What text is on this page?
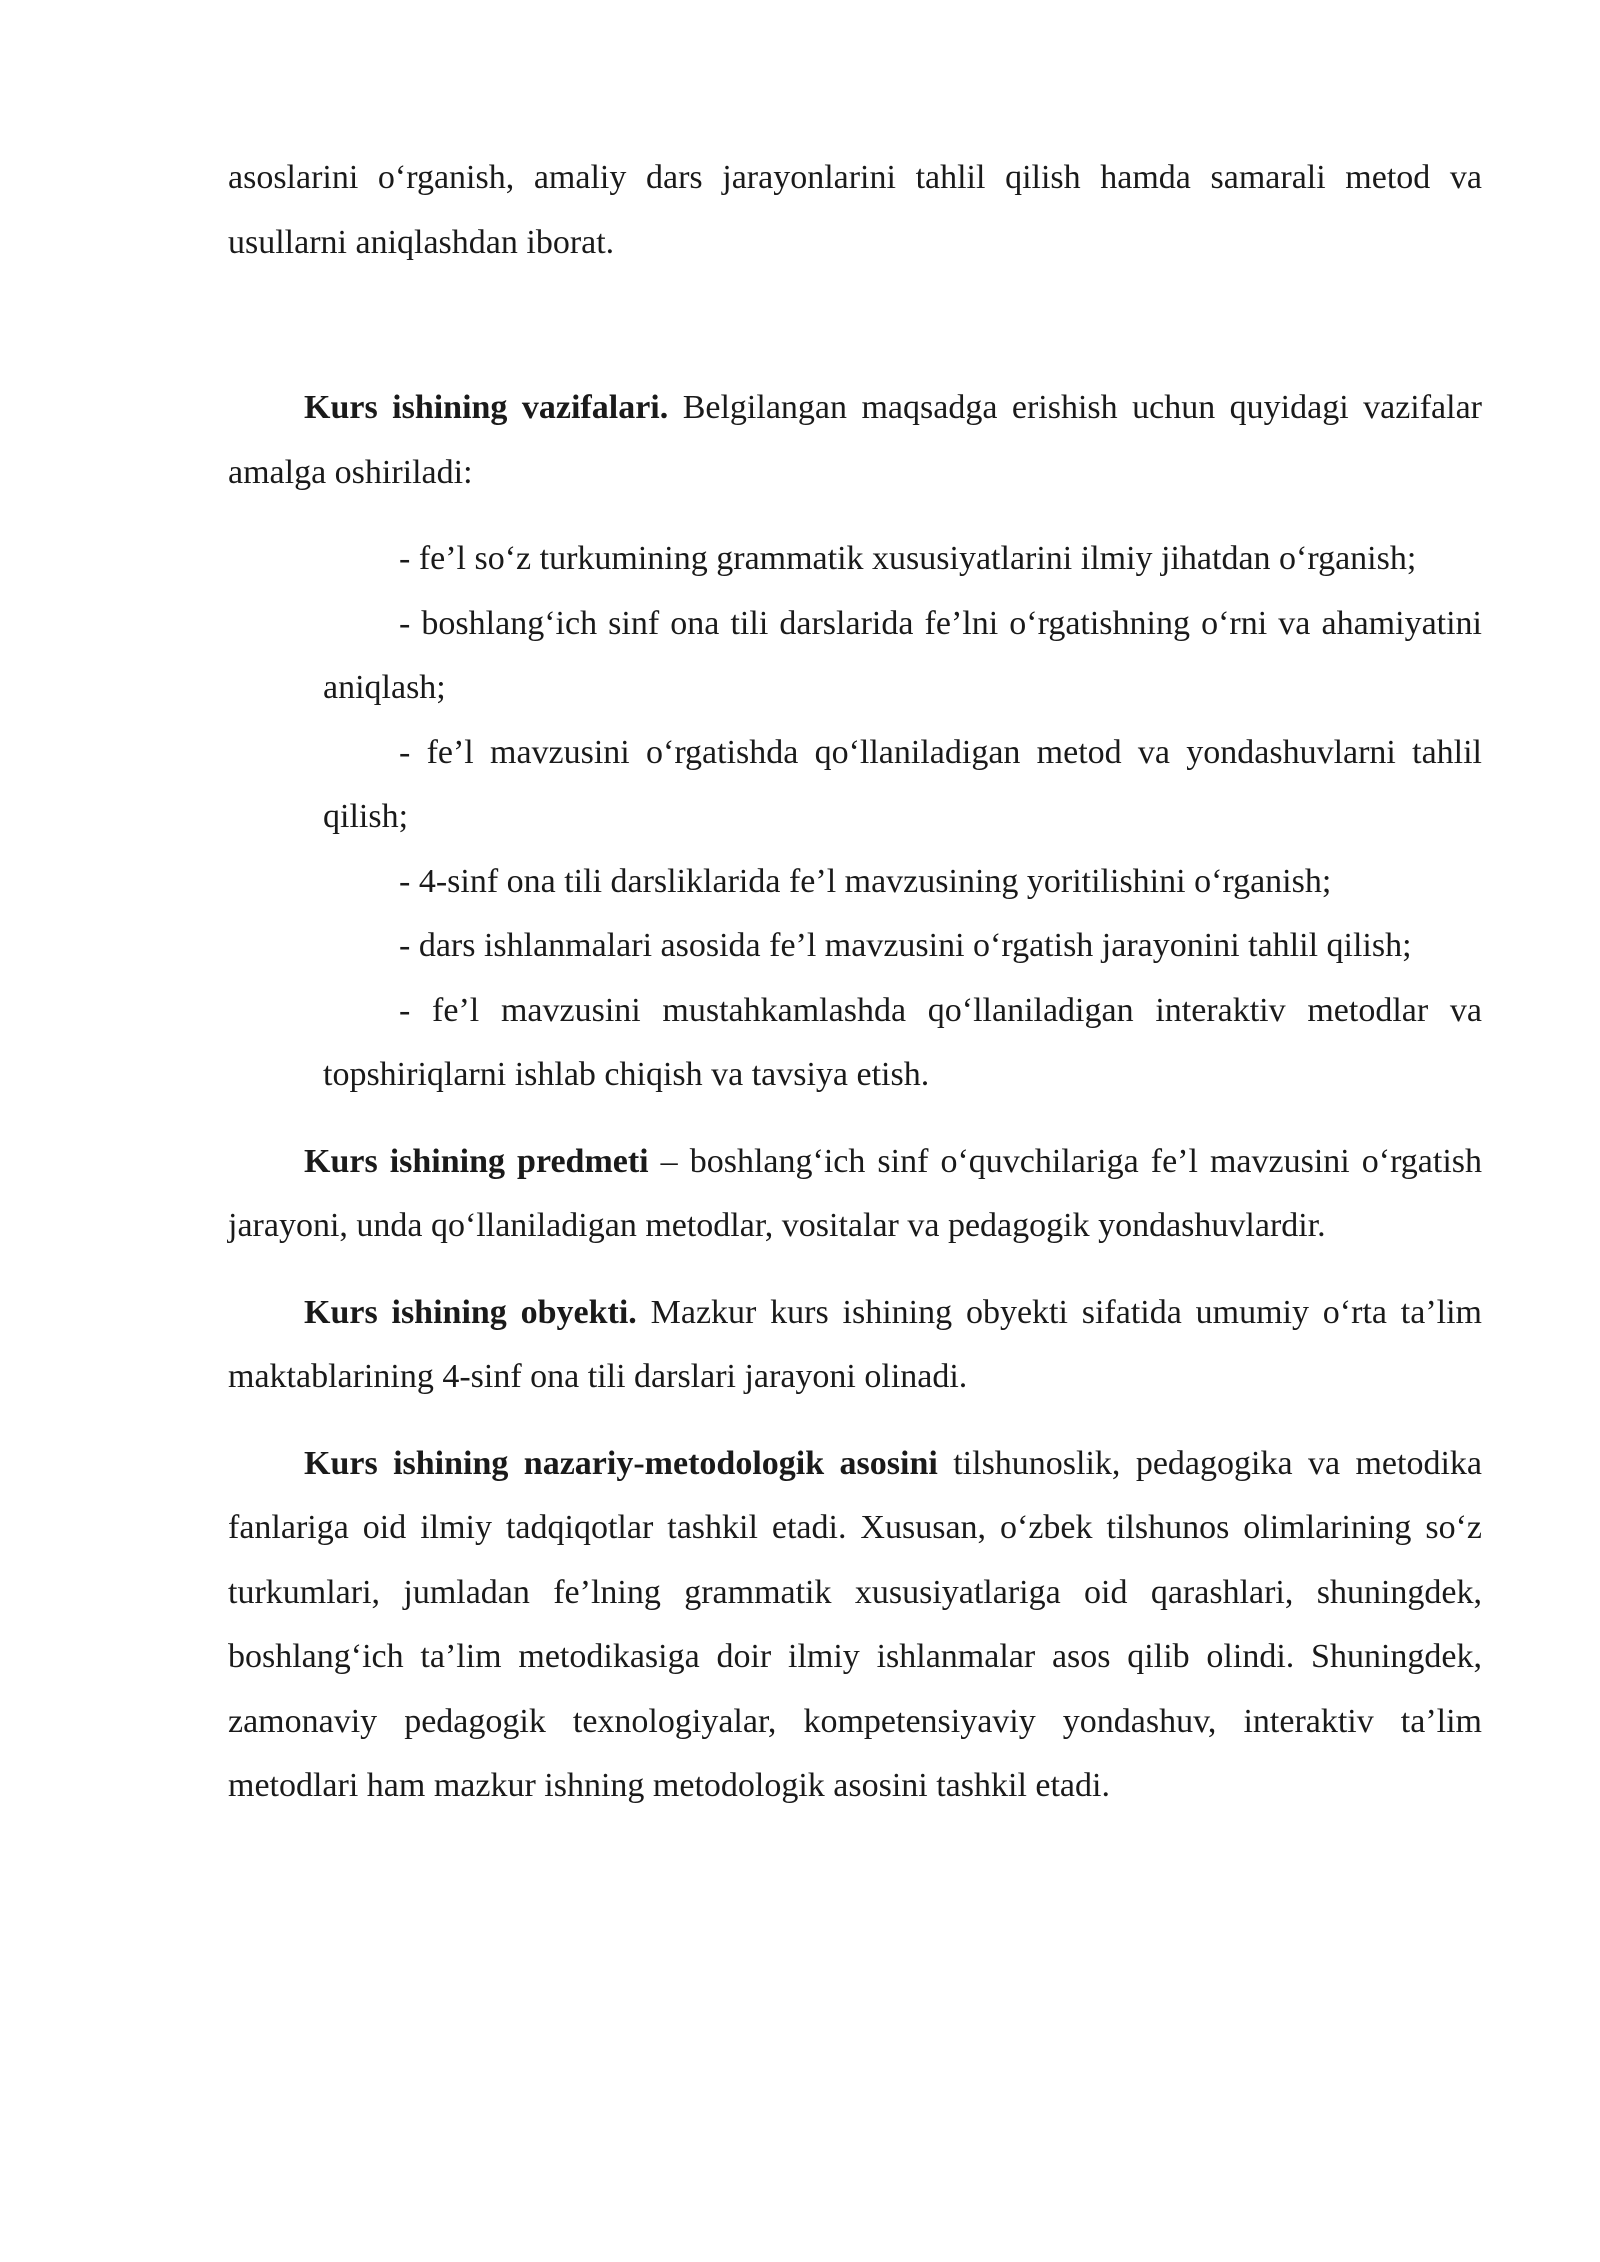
asoslarini o‘rganish, amaliy dars jarayonlarini tahlil qilish hamda samarali metod va usullarni aniqlashdan iborat.

Kurs ishining vazifalari. Belgilangan maqsadga erishish uchun quyidagi vazifalar amalga oshiriladi:

- fe’l so‘z turkumining grammatik xususiyatlarini ilmiy jihatdan o‘rganish;
- boshlang‘ich sinf ona tili darslarida fe’lni o‘rgatishning o‘rni va ahamiyatini aniqlash;
- fe’l mavzusini o‘rgatishda qo‘llaniladigan metod va yondashuvlarni tahlil qilish;
- 4-sinf ona tili darsliklarida fe’l mavzusining yoritilishini o‘rganish;
- dars ishlanmalari asosida fe’l mavzusini o‘rgatish jarayonini tahlil qilish;
- fe’l mavzusini mustahkamlashda qo‘llaniladigan interaktiv metodlar va topshiriqlarni ishlab chiqish va tavsiya etish.

Kurs ishining predmeti – boshlang‘ich sinf o‘quvchilariga fe’l mavzusini o‘rgatish jarayoni, unda qo‘llaniladigan metodlar, vositalar va pedagogik yondashuvlardir.

Kurs ishining obyekti. Mazkur kurs ishining obyekti sifatida umumiy o‘rta ta’lim maktablarining 4-sinf ona tili darslari jarayoni olinadi.

Kurs ishining nazariy-metodologik asosini tilshunoslik, pedagogika va metodika fanlariga oid ilmiy tadqiqotlar tashkil etadi. Xususan, o‘zbek tilshunos olimlarining so‘z turkumlari, jumladan fe’lning grammatik xususiyatlariga oid qarashlari, shuningdek, boshlang‘ich ta’lim metodikasiga doir ilmiy ishlanmalar asos qilib olindi. Shuningdek, zamonaviy pedagogik texnologiyalar, kompetensiyaviy yondashuv, interaktiv ta’lim metodlari ham mazkur ishning metodologik asosini tashkil etadi.
